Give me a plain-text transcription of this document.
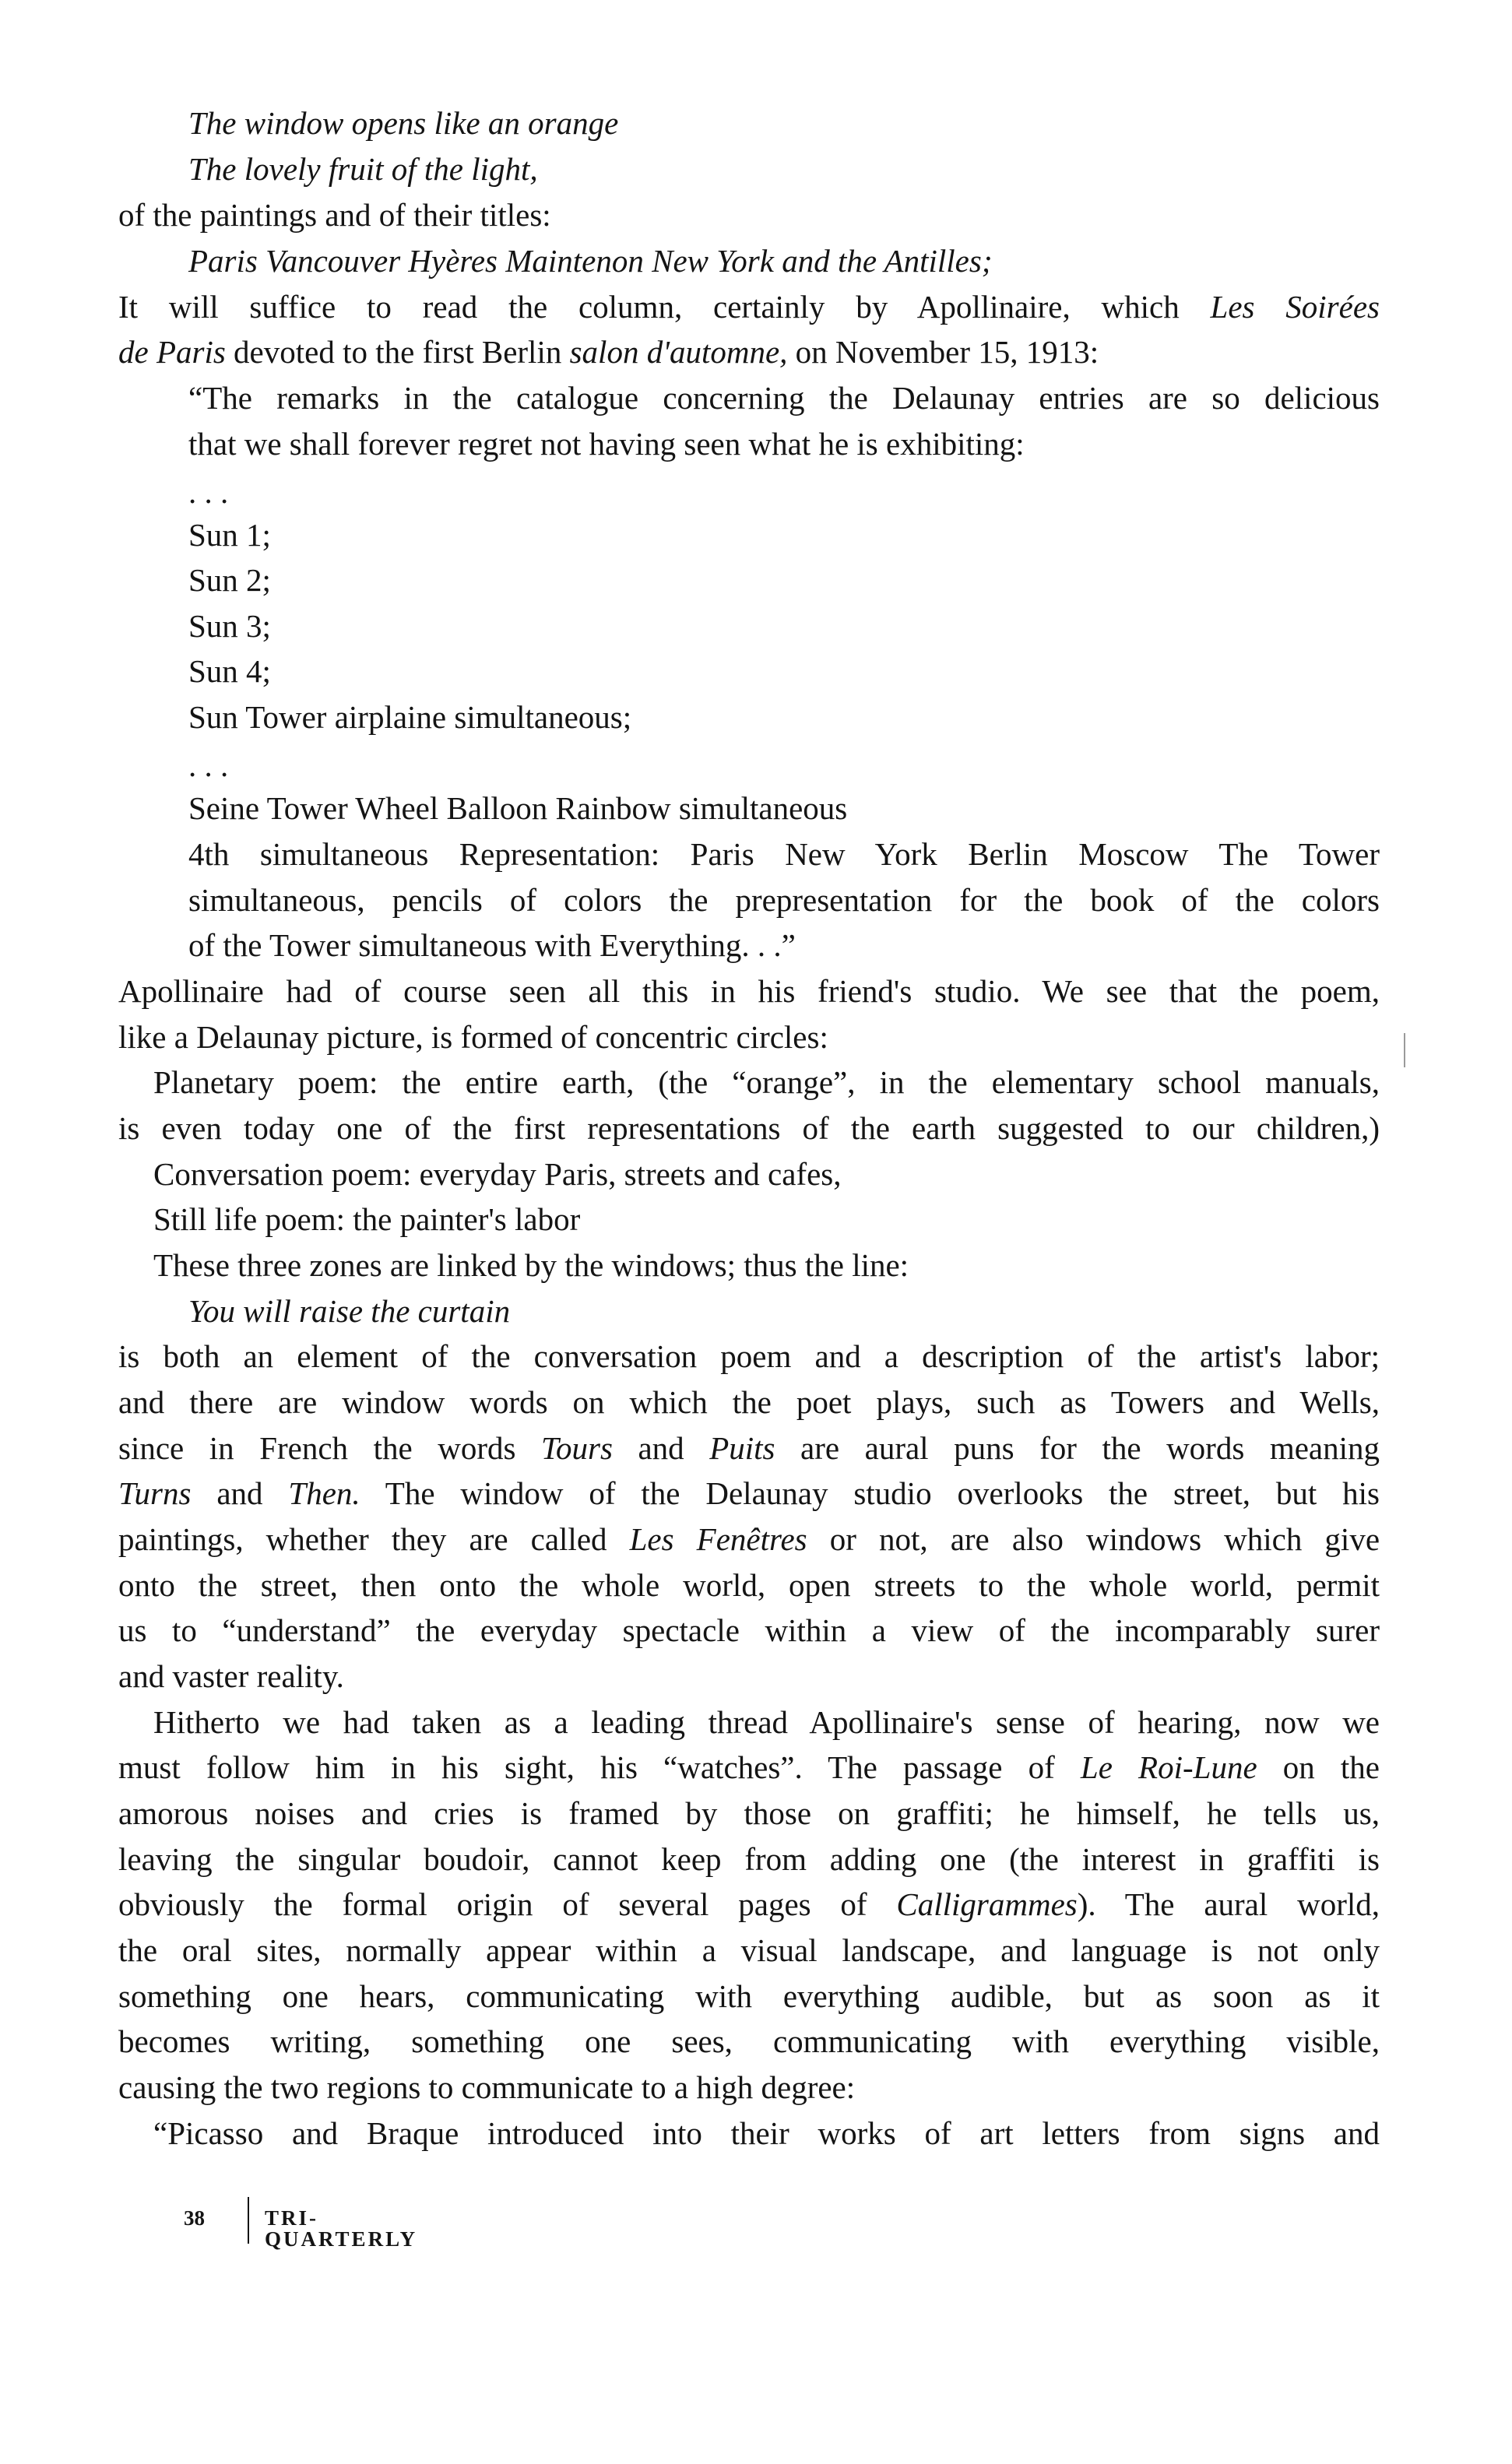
The window opens like an orange
The lovely fruit of the light,
of the paintings and of their titles:
Paris Vancouver Hyères Maintenon New York and the Antilles;
It will suffice to read the column, certainly by Apollinaire, which Les Soirées
de Paris devoted to the first Berlin salon d'automne, on November 15, 1913:
“The remarks in the catalogue concerning the Delaunay entries are so delicious
that we shall forever regret not having seen what he is exhibiting:
. . .
Sun 1;
Sun 2;
Sun 3;
Sun 4;
Sun Tower airplaine simultaneous;
. . .
Seine Tower Wheel Balloon Rainbow simultaneous
4th simultaneous Representation: Paris New York Berlin Moscow The Tower
simultaneous, pencils of colors the prepresentation for the book of the colors
of the Tower simultaneous with Everything. . .”
Apollinaire had of course seen all this in his friend's studio. We see that the poem,
like a Delaunay picture, is formed of concentric circles:
Planetary poem: the entire earth, (the “orange”, in the elementary school manuals,
is even today one of the first representations of the earth suggested to our children,)
Conversation poem: everyday Paris, streets and cafes,
Still life poem: the painter's labor
These three zones are linked by the windows; thus the line:
You will raise the curtain
is both an element of the conversation poem and a description of the artist's labor;
and there are window words on which the poet plays, such as Towers and Wells,
since in French the words Tours and Puits are aural puns for the words meaning
Turns and Then. The window of the Delaunay studio overlooks the street, but his
paintings, whether they are called Les Fenêtres or not, are also windows which give
onto the street, then onto the whole world, open streets to the whole world, permit
us to “understand” the everyday spectacle within a view of the incomparably surer
and vaster reality.
Hitherto we had taken as a leading thread Apollinaire's sense of hearing, now we
must follow him in his sight, his “watches”. The passage of Le Roi-Lune on the
amorous noises and cries is framed by those on graffiti; he himself, he tells us,
leaving the singular boudoir, cannot keep from adding one (the interest in graffiti is
obviously the formal origin of several pages of Calligrammes). The aural world,
the oral sites, normally appear within a visual landscape, and language is not only
something one hears, communicating with everything audible, but as soon as it
becomes writing, something one sees, communicating with everything visible,
causing the two regions to communicate to a high degree:
“Picasso and Braque introduced into their works of art letters from signs and
38	TRI-QUARTERLY
